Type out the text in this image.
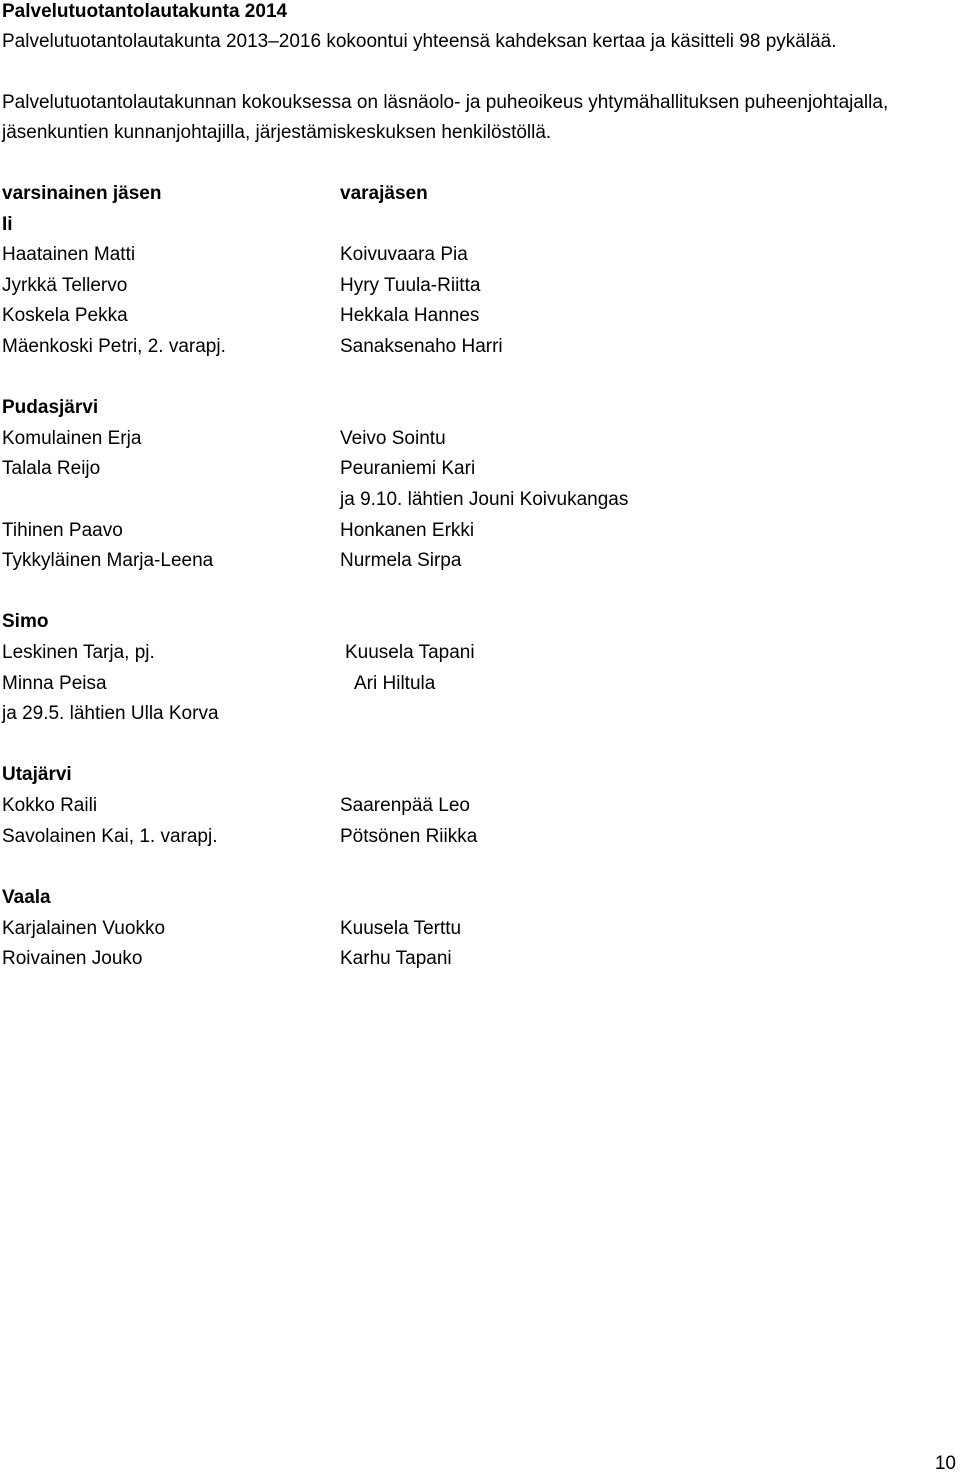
Palvelutuotantolautakunta 2014
Palvelutuotantolautakunta 2013–2016 kokoontui yhteensä kahdeksan kertaa ja käsitteli 98 pykälää.
Palvelutuotantolautakunnan kokouksessa on läsnäolo- ja puheoikeus yhtymähallituksen puheenjohtajalla,
jäsenkuntien kunnanjohtajilla, järjestämiskeskuksen henkilöstöllä.
varsinainen jäsen	varajäsen
Ii
Haatainen Matti
Jyrkkä Tellervo
Koskela Pekka
Mäenkoski Petri, 2. varapj.
Koivuvaara Pia
Hyry Tuula-Riitta
Hekkala Hannes
Sanaksenaho Harri
Pudasjärvi
Komulainen Erja
Talala Reijo
Tihinen Paavo
Tykkyläinen Marja-Leena
Veivo Sointu
Peuraniemi Kari
ja 9.10. lähtien Jouni Koivukangas
Honkanen Erkki
Nurmela Sirpa
Simo
Leskinen Tarja, pj.
Minna Peisa
ja 29.5. lähtien Ulla Korva
Kuusela Tapani
Ari Hiltula
Utajärvi
Kokko Raili
Savolainen Kai, 1. varapj.
Saarenpää Leo
Pötsönen Riikka
Vaala
Karjalainen Vuokko
Roivainen Jouko
Kuusela Terttu
Karhu Tapani
10
